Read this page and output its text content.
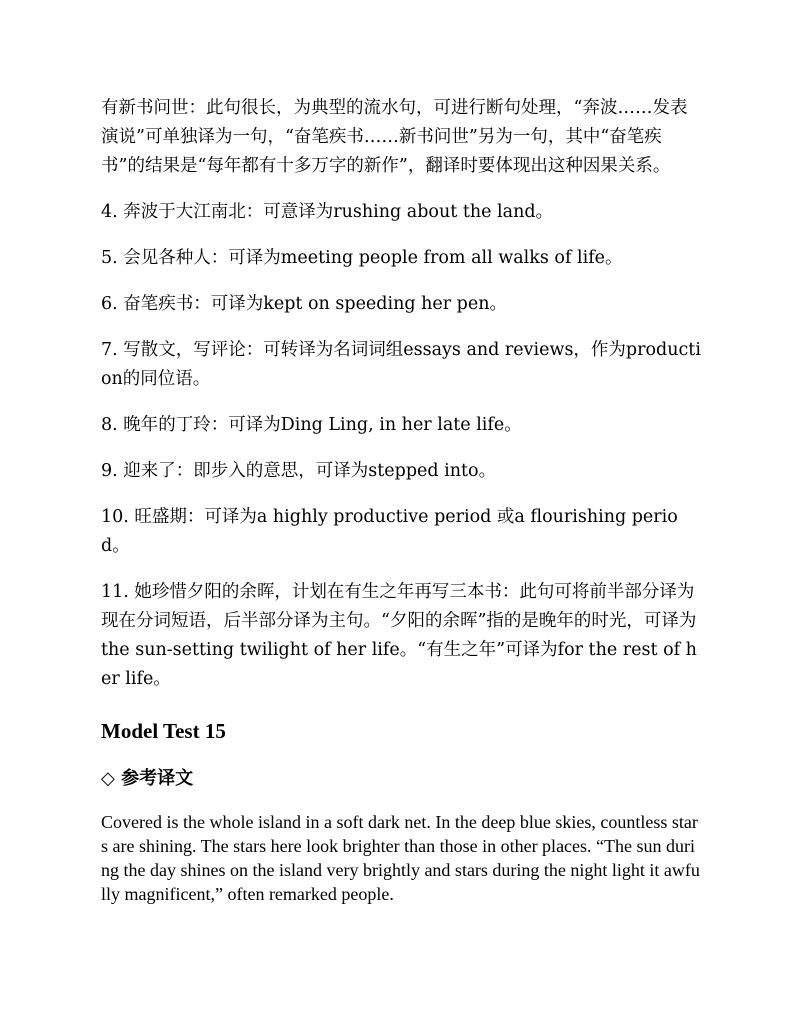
有新书问世：此句很长，为典型的流水句，可进行断句处理，“奔波……发表演说”可单独译为一句，“奋笔疾书……新书问世”另为一句，其中“奋笔疾书”的结果是“每年都有十多万字的新作”，翻译时要体现出这种因果关系。

4. 奔波于大江南北：可意译为rushing about the land。

5. 会见各种人：可译为meeting people from all walks of life。

6. 奋笔疾书：可译为kept on speeding her pen。

7. 写散文，写评论：可转译为名词词组essays and reviews，作为production的同位语。

8. 晚年的丁玲：可译为Ding Ling, in her late life。

9. 迎来了：即步入的意思，可译为stepped into。

10. 旺盛期：可译为a highly productive period 或a flourishing period。

11. 她珍惜夕阳的余晖，计划在有生之年再写三本书：此句可将前半部分译为现在分词短语，后半部分译为主句。“夕阳的余晖”指的是晚年的时光，可译为the sun-setting twilight of her life。“有生之年”可译为for the rest of her life。

Model Test 15
◇ 参考译文

Covered is the whole island in a soft dark net. In the deep blue skies, countless stars are shining. The stars here look brighter than those in other places. “The sun during the day shines on the island very brightly and stars during the night light it awfully magnificent,” often remarked people.
